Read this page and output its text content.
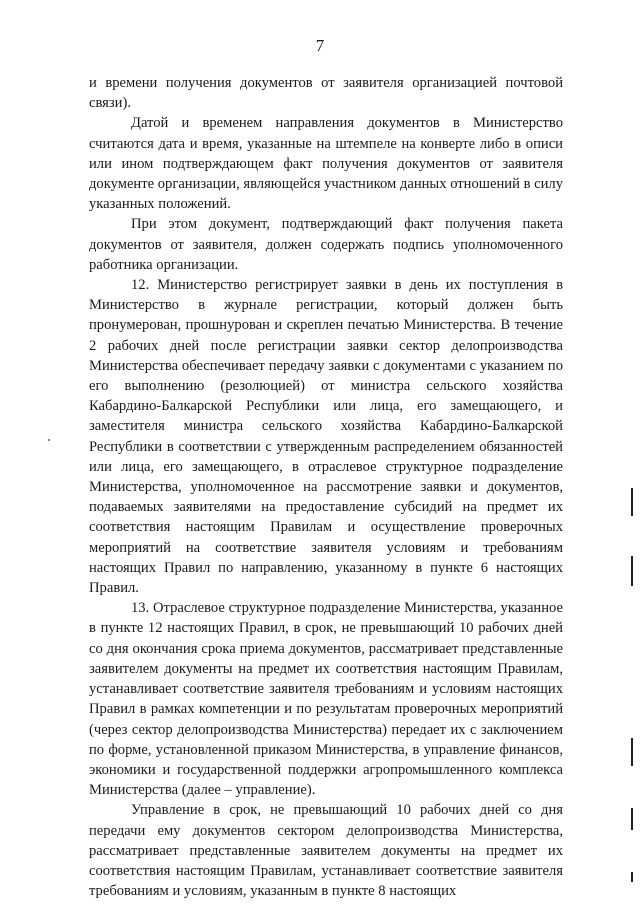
7

и времени получения документов от заявителя организацией почтовой связи).

Датой и временем направления документов в Министерство считаются дата и время, указанные на штемпеле на конверте либо в описи или ином подтверждающем факт получения документов от заявителя документе организации, являющейся участником данных отношений в силу указанных положений.

При этом документ, подтверждающий факт получения пакета документов от заявителя, должен содержать подпись уполномоченного работника организации.

12. Министерство регистрирует заявки в день их поступления в Министерство в журнале регистрации, который должен быть пронумерован, прошнурован и скреплен печатью Министерства. В течение 2 рабочих дней после регистрации заявки сектор делопроизводства Министерства обеспечивает передачу заявки с документами с указанием по его выполнению (резолюцией) от министра сельского хозяйства Кабардино-Балкарской Республики или лица, его замещающего, и заместителя министра сельского хозяйства Кабардино-Балкарской Республики в соответствии с утвержденным распределением обязанностей или лица, его замещающего, в отраслевое структурное подразделение Министерства, уполномоченное на рассмотрение заявки и документов, подаваемых заявителями на предоставление субсидий на предмет их соответствия настоящим Правилам и осуществление проверочных мероприятий на соответствие заявителя условиям и требованиям настоящих Правил по направлению, указанному в пункте 6 настоящих Правил.

13. Отраслевое структурное подразделение Министерства, указанное в пункте 12 настоящих Правил, в срок, не превышающий 10 рабочих дней со дня окончания срока приема документов, рассматривает представленные заявителем документы на предмет их соответствия настоящим Правилам, устанавливает соответствие заявителя требованиям и условиям настоящих Правил в рамках компетенции и по результатам проверочных мероприятий (через сектор делопроизводства Министерства) передает их с заключением по форме, установленной приказом Министерства, в управление финансов, экономики и государственной поддержки агропромышленного комплекса Министерства (далее – управление).

Управление в срок, не превышающий 10 рабочих дней со дня передачи ему документов сектором делопроизводства Министерства, рассматривает представленные заявителем документы на предмет их соответствия настоящим Правилам, устанавливает соответствие заявителя требованиям и условиям, указанным в пункте 8 настоящих
